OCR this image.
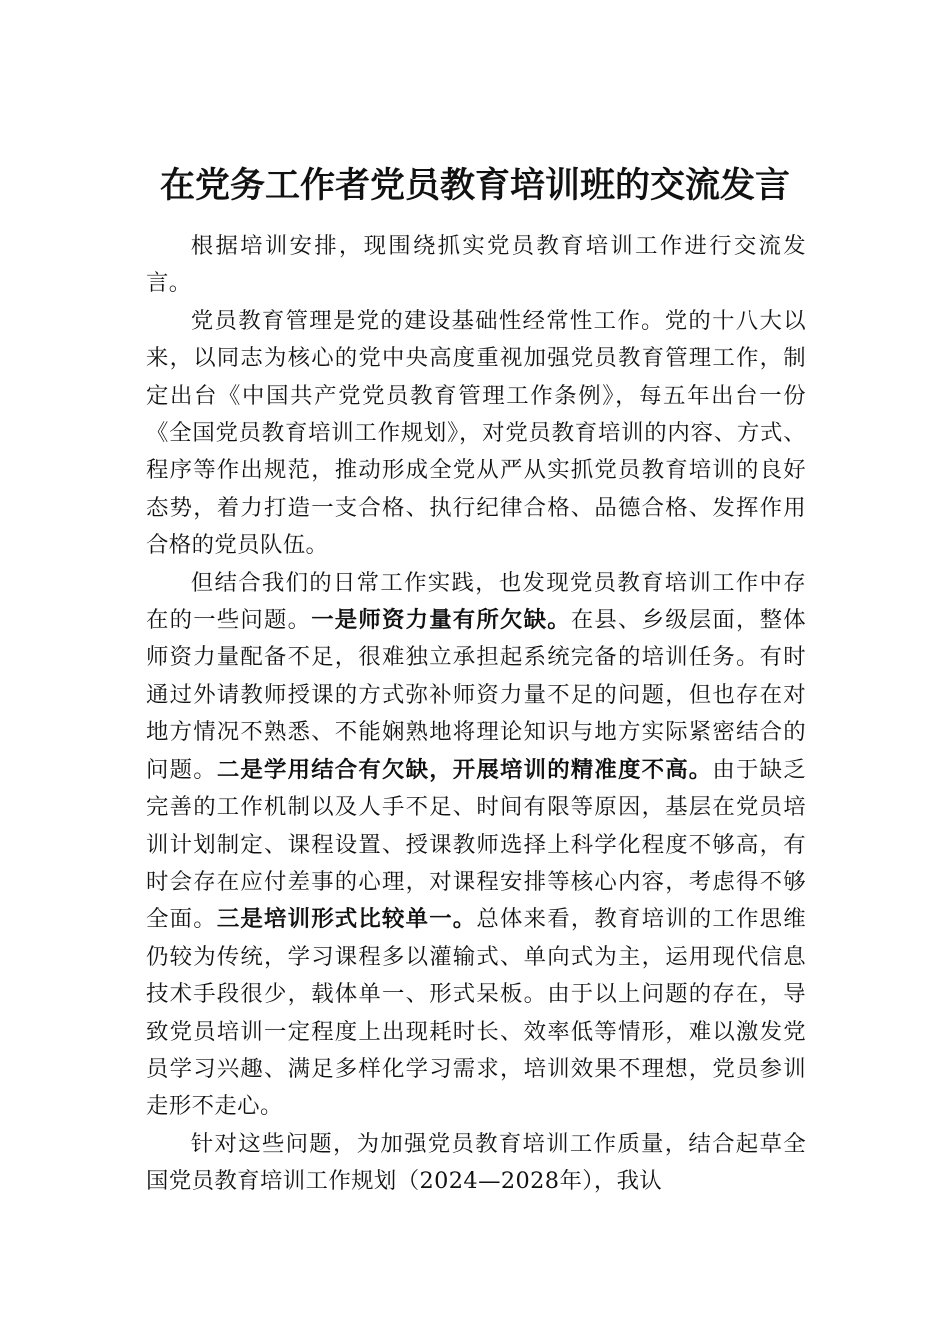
在党务工作者党员教育培训班的交流发言

根据培训安排，现围绕抓实党员教育培训工作进行交流发言。

党员教育管理是党的建设基础性经常性工作。党的十八大以来，以同志为核心的党中央高度重视加强党员教育管理工作，制定出台《中国共产党党员教育管理工作条例》，每五年出台一份《全国党员教育培训工作规划》，对党员教育培训的内容、方式、程序等作出规范，推动形成全党从严从实抓党员教育培训的良好态势，着力打造一支合格、执行纪律合格、品德合格、发挥作用合格的党员队伍。

但结合我们的日常工作实践，也发现党员教育培训工作中存在的一些问题。一是师资力量有所欠缺。在县、乡级层面，整体师资力量配备不足，很难独立承担起系统完备的培训任务。有时通过外请教师授课的方式弥补师资力量不足的问题，但也存在对地方情况不熟悉、不能娴熟地将理论知识与地方实际紧密结合的问题。二是学用结合有欠缺，开展培训的精准度不高。由于缺乏完善的工作机制以及人手不足、时间有限等原因，基层在党员培训计划制定、课程设置、授课教师选择上科学化程度不够高，有时会存在应付差事的心理，对课程安排等核心内容，考虑得不够全面。三是培训形式比较单一。总体来看，教育培训的工作思维仍较为传统，学习课程多以灌输式、单向式为主，运用现代信息技术手段很少，载体单一、形式呆板。由于以上问题的存在，导致党员培训一定程度上出现耗时长、效率低等情形，难以激发党员学习兴趣、满足多样化学习需求，培训效果不理想，党员参训走形不走心。

针对这些问题，为加强党员教育培训工作质量，结合起草全国党员教育培训工作规划（2024—2028年），我认
